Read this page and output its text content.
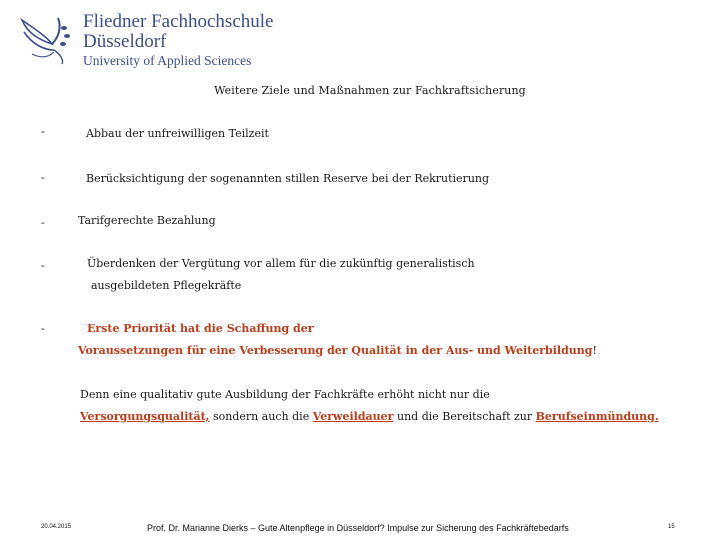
Fliedner Fachhochschule
Düsseldorf
University of Applied Sciences
Weitere Ziele und Maßnahmen zur Fachkraftsicherung
-	Abbau der unfreiwilligen Teilzeit
-	Berücksichtigung der sogenannten stillen Reserve bei der Rekrutierung
-	Tarifgerechte Bezahlung
-	Überdenken der Vergütung vor allem für die zukünftig generalistisch
ausgebildeten Pflegekräfte
-	Erste Priorität hat die Schaffung der
Voraussetzungen für eine Verbesserung der Qualität in der Aus- und Weiterbildung!
Denn eine qualitativ gute Ausbildung der Fachkräfte erhöht nicht nur die
Versorgungsqualität, sondern auch die Verweildauer und die Bereitschaft zur Berufseinmündung.
20.04.2015	Prof. Dr. Marianne Dierks – Gute Altenpflege in Düsseldorf? Impulse zur Sicherung des Fachkräftebedarfs	15
